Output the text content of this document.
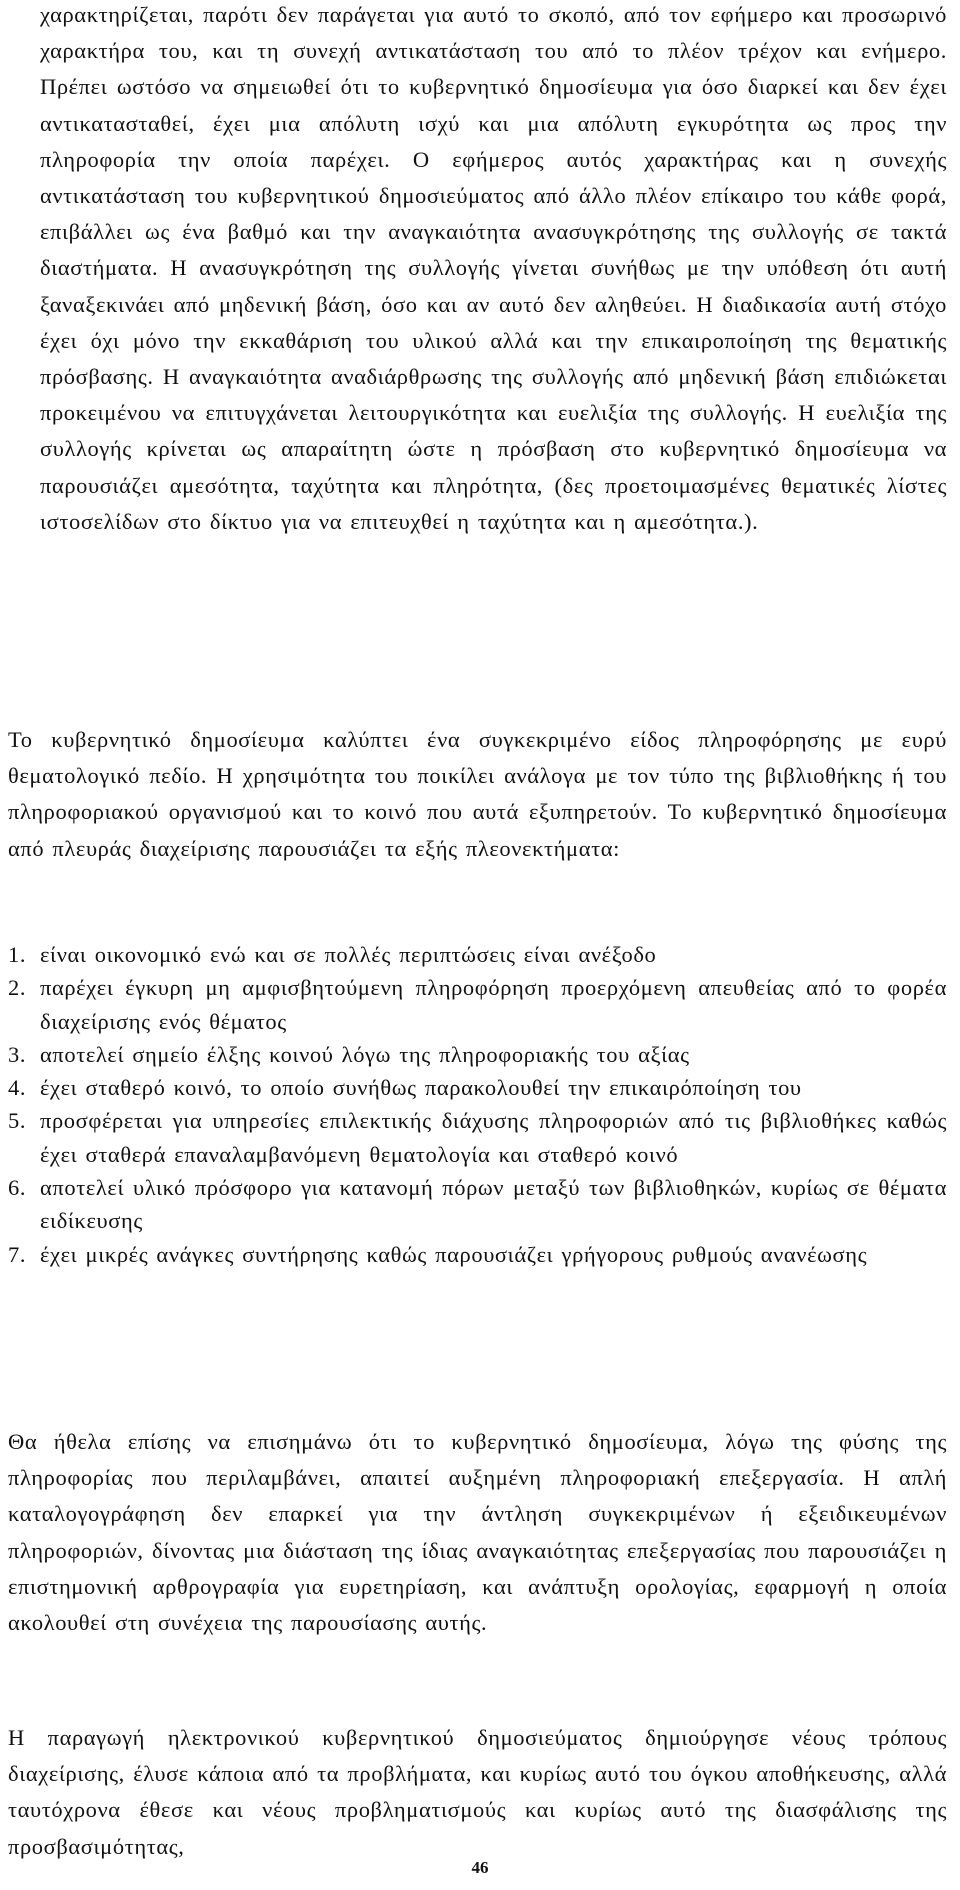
χαρακτηρίζεται, παρότι δεν παράγεται για αυτό το σκοπό, από τον εφήμερο και προσωρινό χαρακτήρα του, και τη συνεχή αντικατάσταση του από το πλέον τρέχον και ενήμερο. Πρέπει ωστόσο να σημειωθεί ότι το κυβερνητικό δημοσίευμα για όσο διαρκεί και δεν έχει αντικατασταθεί, έχει μια απόλυτη ισχύ και μια απόλυτη εγκυρότητα ως προς την πληροφορία την οποία παρέχει. Ο εφήμερος αυτός χαρακτήρας και η συνεχής αντικατάσταση του κυβερνητικού δημοσιεύματος από άλλο πλέον επίκαιρο του κάθε φορά, επιβάλλει ως ένα βαθμό και την αναγκαιότητα ανασυγκρότησης της συλλογής σε τακτά διαστήματα. Η ανασυγκρότηση της συλλογής γίνεται συνήθως με την υπόθεση ότι αυτή ξαναξεκινάει από μηδενική βάση, όσο και αν αυτό δεν αληθεύει. Η διαδικασία αυτή στόχο έχει όχι μόνο την εκκαθάριση του υλικού αλλά και την επικαιροποίηση της θεματικής πρόσβασης. Η αναγκαιότητα αναδιάρθρωσης της συλλογής από μηδενική βάση επιδιώκεται προκειμένου να επιτυγχάνεται λειτουργικότητα και ευελιξία της συλλογής. Η ευελιξία της συλλογής κρίνεται ως απαραίτητη ώστε η πρόσβαση στο κυβερνητικό δημοσίευμα να παρουσιάζει αμεσότητα, ταχύτητα και πληρότητα, (δες προετοιμασμένες θεματικές λίστες ιστοσελίδων στο δίκτυο για να επιτευχθεί η ταχύτητα και η αμεσότητα.).

Το κυβερνητικό δημοσίευμα καλύπτει ένα συγκεκριμένο είδος πληροφόρησης με ευρύ θεματολογικό πεδίο. Η χρησιμότητα του ποικίλει ανάλογα με τον τύπο της βιβλιοθήκης ή του πληροφοριακού οργανισμού και το κοινό που αυτά εξυπηρετούν. Το κυβερνητικό δημοσίευμα από πλευράς διαχείρισης παρουσιάζει τα εξής πλεονεκτήματα:

1. είναι οικονομικό ενώ και σε πολλές περιπτώσεις είναι ανέξοδο
2. παρέχει έγκυρη μη αμφισβητούμενη πληροφόρηση προερχόμενη απευθείας από το φορέα διαχείρισης ενός θέματος
3. αποτελεί σημείο έλξης κοινού λόγω της πληροφοριακής του αξίας
4. έχει σταθερό κοινό, το οποίο συνήθως παρακολουθεί την επικαιρόποίηση του
5. προσφέρεται για υπηρεσίες επιλεκτικής διάχυσης πληροφοριών από τις βιβλιοθήκες καθώς έχει σταθερά επαναλαμβανόμενη θεματολογία και σταθερό κοινό
6. αποτελεί υλικό πρόσφορο για κατανομή πόρων μεταξύ των βιβλιοθηκών, κυρίως σε θέματα ειδίκευσης
7. έχει μικρές ανάγκες συντήρησης καθώς παρουσιάζει γρήγορους ρυθμούς ανανέωσης

Θα ήθελα επίσης να επισημάνω ότι το κυβερνητικό δημοσίευμα, λόγω της φύσης της πληροφορίας που περιλαμβάνει, απαιτεί αυξημένη πληροφοριακή επεξεργασία. Η απλή καταλογογράφηση δεν επαρκεί για την άντληση συγκεκριμένων ή εξειδικευμένων πληροφοριών, δίνοντας μια διάσταση της ίδιας αναγκαιότητας επεξεργασίας που παρουσιάζει η επιστημονική αρθρογραφία για ευρετηρίαση, και ανάπτυξη ορολογίας, εφαρμογή η οποία ακολουθεί στη συνέχεια της παρουσίασης αυτής.

Η παραγωγή ηλεκτρονικού κυβερνητικού δημοσιεύματος δημιούργησε νέους τρόπους διαχείρισης, έλυσε κάποια από τα προβλήματα, και κυρίως αυτό του όγκου αποθήκευσης, αλλά ταυτόχρονα έθεσε και νέους προβληματισμούς και κυρίως αυτό της διασφάλισης της προσβασιμότητας,

46
